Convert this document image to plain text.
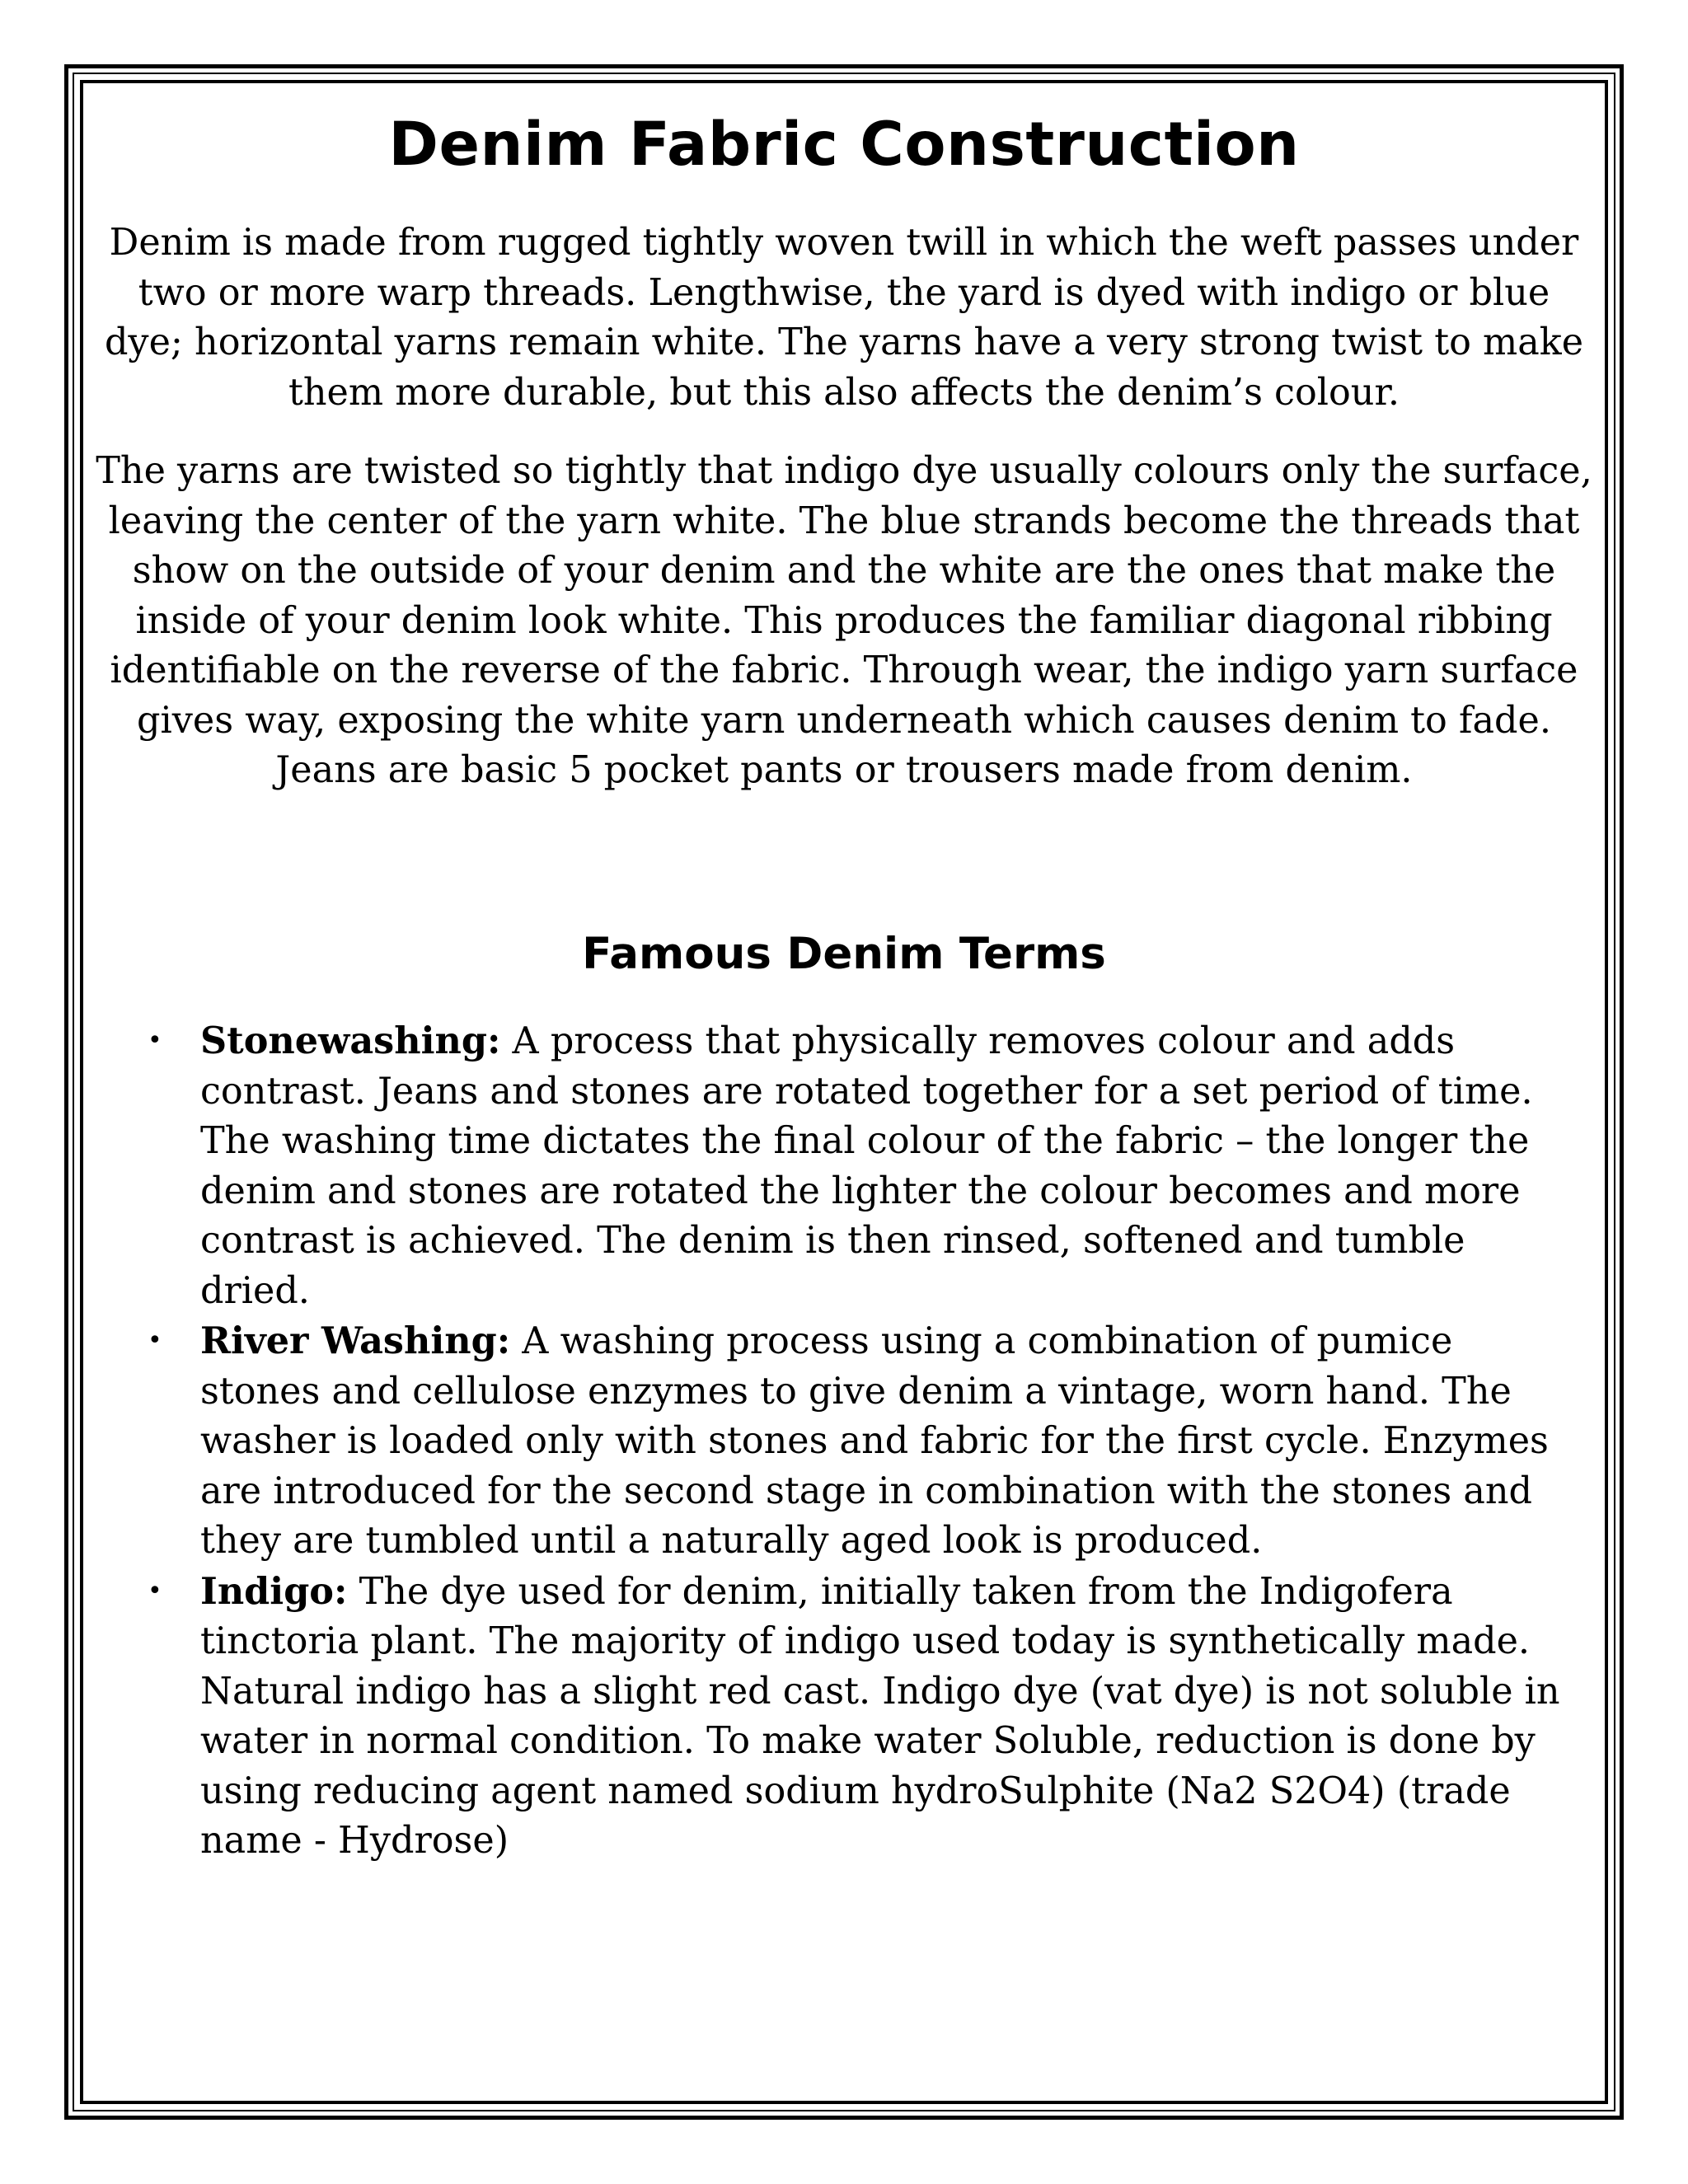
Denim Fabric Construction

Denim is made from rugged tightly woven twill in which the weft passes under two or more warp threads. Lengthwise, the yard is dyed with indigo or blue dye; horizontal yarns remain white. The yarns have a very strong twist to make them more durable, but this also affects the denim’s colour.

The yarns are twisted so tightly that indigo dye usually colours only the surface, leaving the center of the yarn white. The blue strands become the threads that show on the outside of your denim and the white are the ones that make the inside of your denim look white. This produces the familiar diagonal ribbing identifiable on the reverse of the fabric. Through wear, the indigo yarn surface gives way, exposing the white yarn underneath which causes denim to fade. Jeans are basic 5 pocket pants or trousers made from denim.

Famous Denim Terms
• Stonewashing: A process that physically removes colour and adds contrast. Jeans and stones are rotated together for a set period of time. The washing time dictates the final colour of the fabric – the longer the denim and stones are rotated the lighter the colour becomes and more contrast is achieved. The denim is then rinsed, softened and tumble dried.
• River Washing: A washing process using a combination of pumice stones and cellulose enzymes to give denim a vintage, worn hand. The washer is loaded only with stones and fabric for the first cycle. Enzymes are introduced for the second stage in combination with the stones and they are tumbled until a naturally aged look is produced.
• Indigo: The dye used for denim, initially taken from the Indigofera tinctoria plant. The majority of indigo used today is synthetically made. Natural indigo has a slight red cast. Indigo dye (vat dye) is not soluble in water in normal condition. To make water Soluble, reduction is done by using reducing agent named sodium hydroSulphite (Na2 S2O4) (trade name - Hydrose)
